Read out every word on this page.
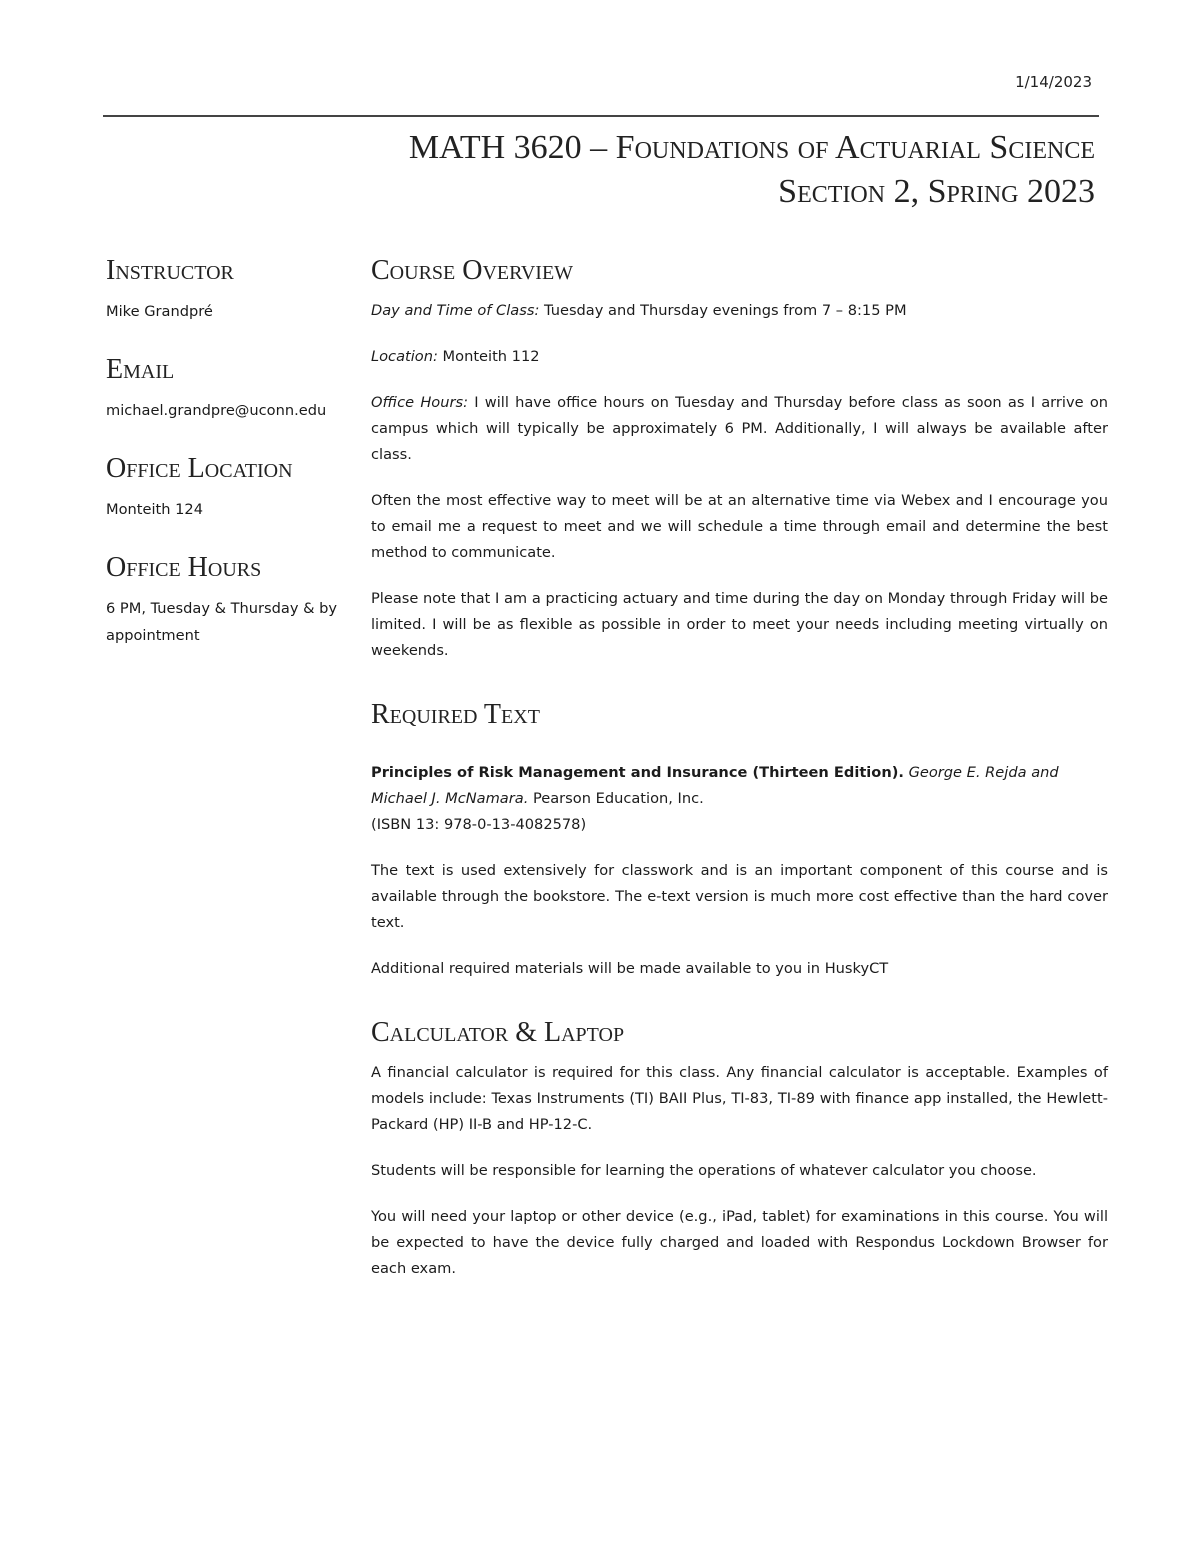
1/14/2023
MATH 3620 – Foundations of Actuarial Science
Section 2, Spring 2023
Instructor

Mike Grandpré

Email

michael.grandpre@uconn.edu

Office Location

Monteith 124

Office Hours

6 PM, Tuesday & Thursday & by appointment

Course Overview

Day and Time of Class: Tuesday and Thursday evenings from 7 – 8:15 PM

Location: Monteith 112

Office Hours: I will have office hours on Tuesday and Thursday before class as soon as I arrive on campus which will typically be approximately 6 PM. Additionally, I will always be available after class.

Often the most effective way to meet will be at an alternative time via Webex and I encourage you to email me a request to meet and we will schedule a time through email and determine the best method to communicate.

Please note that I am a practicing actuary and time during the day on Monday through Friday will be limited. I will be as flexible as possible in order to meet your needs including meeting virtually on weekends.

Required Text

Principles of Risk Management and Insurance (Thirteen Edition). George E. Rejda and Michael J. McNamara. Pearson Education, Inc.

(ISBN 13: 978-0-13-4082578)

The text is used extensively for classwork and is an important component of this course and is available through the bookstore. The e-text version is much more cost effective than the hard cover text.

Additional required materials will be made available to you in HuskyCT

Calculator & Laptop

A financial calculator is required for this class. Any financial calculator is acceptable. Examples of models include: Texas Instruments (TI) BAII Plus, TI-83, TI-89 with finance app installed, the Hewlett-Packard (HP) II-B and HP-12-C.

Students will be responsible for learning the operations of whatever calculator you choose.

You will need your laptop or other device (e.g., iPad, tablet) for examinations in this course. You will be expected to have the device fully charged and loaded with Respondus Lockdown Browser for each exam.
